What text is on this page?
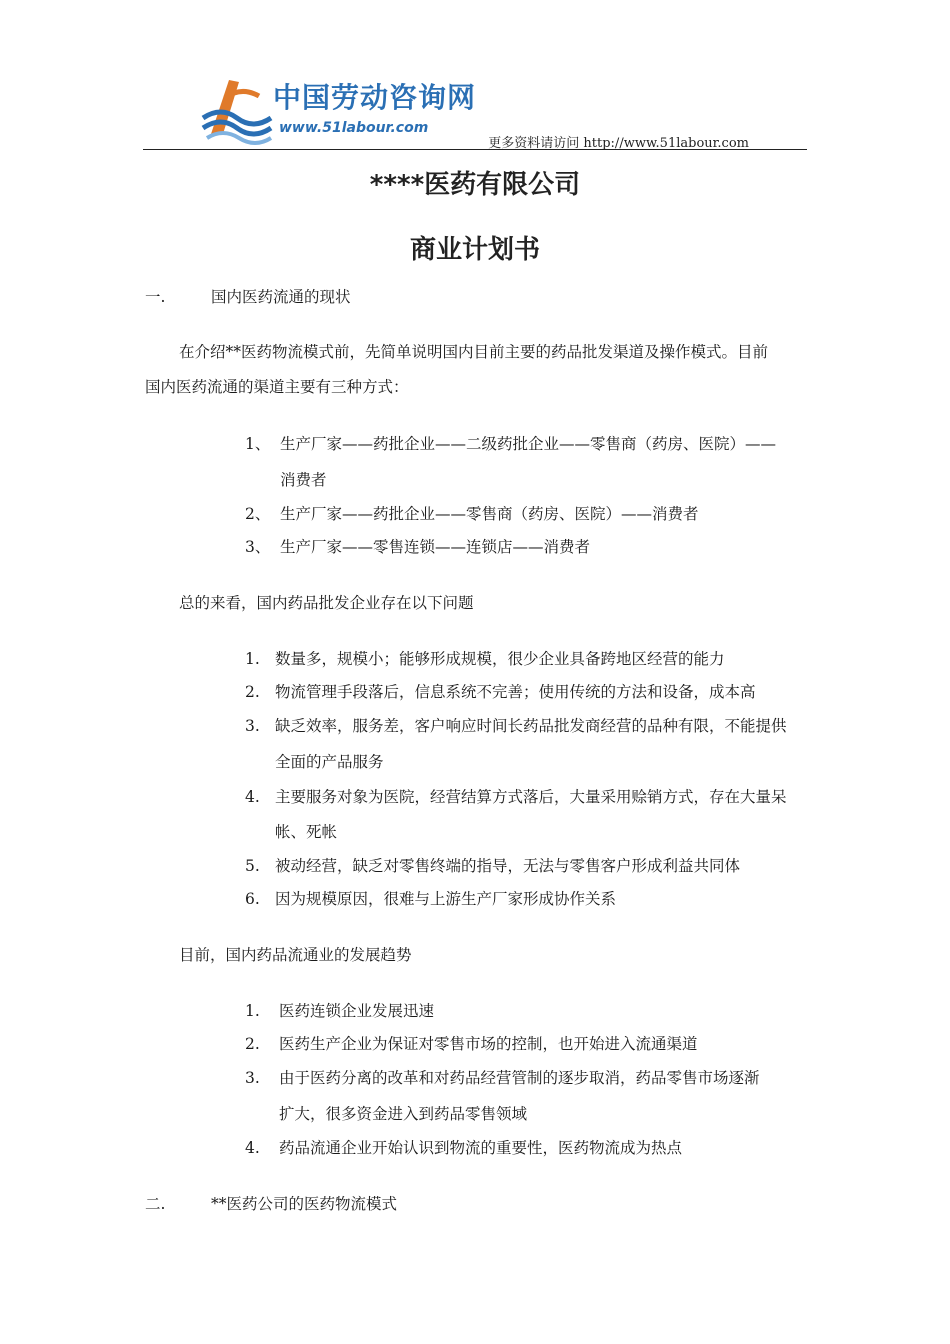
中国劳动咨询网
www.51labour.com
更多资料请访问 http://www.51labour.com
****医药有限公司
商业计划书
一.	国内医药流通的现状
在介绍**医药物流模式前，先简单说明国内目前主要的药品批发渠道及操作模式。目前
国内医药流通的渠道主要有三种方式：
1、 生产厂家——药批企业——二级药批企业——零售商（药房、医院）——
消费者
2、 生产厂家——药批企业——零售商（药房、医院）——消费者
3、 生产厂家——零售连锁——连锁店——消费者
总的来看，国内药品批发企业存在以下问题
1. 数量多，规模小；能够形成规模，很少企业具备跨地区经营的能力
2. 物流管理手段落后，信息系统不完善；使用传统的方法和设备，成本高
3. 缺乏效率，服务差，客户响应时间长药品批发商经营的品种有限，不能提供
全面的产品服务
4. 主要服务对象为医院，经营结算方式落后，大量采用赊销方式，存在大量呆
帐、死帐
5. 被动经营，缺乏对零售终端的指导，无法与零售客户形成利益共同体
6. 因为规模原因，很难与上游生产厂家形成协作关系
目前，国内药品流通业的发展趋势
1. 医药连锁企业发展迅速
2. 医药生产企业为保证对零售市场的控制，也开始进入流通渠道
3. 由于医药分离的改革和对药品经营管制的逐步取消，药品零售市场逐渐
扩大，很多资金进入到药品零售领域
4. 药品流通企业开始认识到物流的重要性，医药物流成为热点
二.	**医药公司的医药物流模式
